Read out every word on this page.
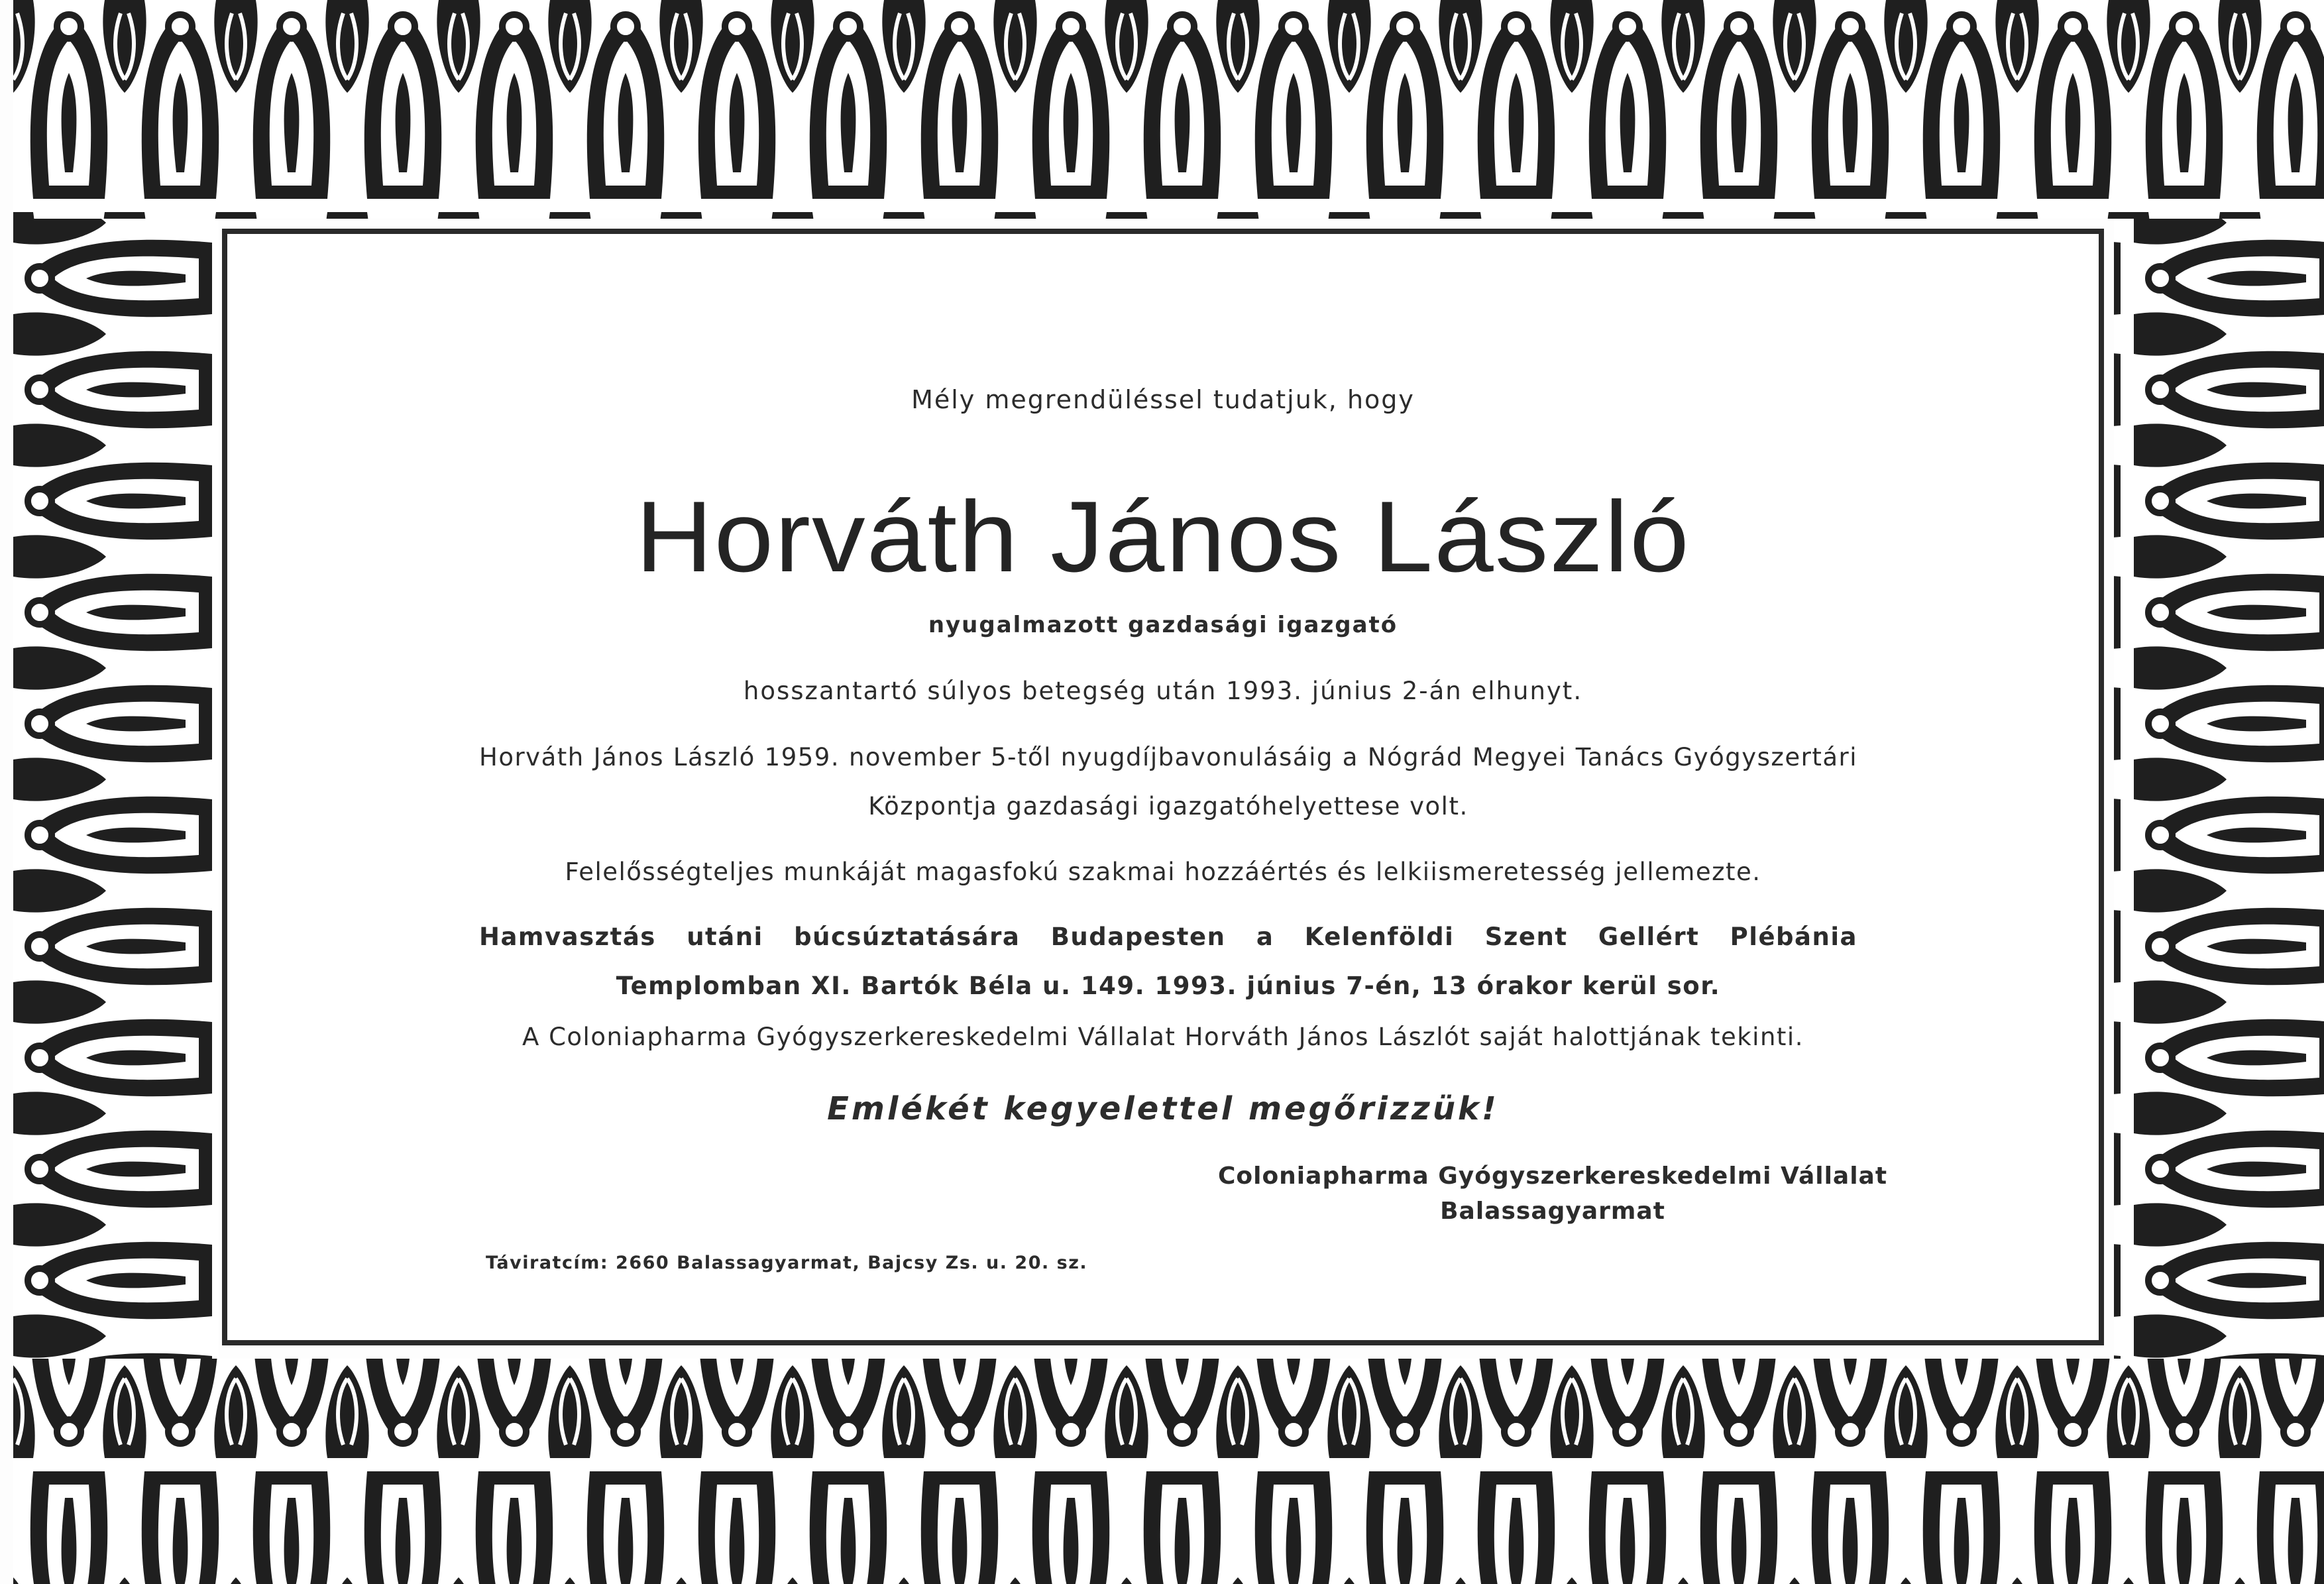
Mély megrendüléssel tudatjuk, hogy
Horváth János László
nyugalmazott gazdasági igazgató
hosszantartó súlyos betegség után 1993. június 2-án elhunyt.
Horváth János László 1959. november 5-től nyugdíjbavonulásáig a Nógrád Megyei Tanács Gyógyszertári Központja gazdasági igazgatóhelyettese volt.
Felelősségteljes munkáját magasfokú szakmai hozzáértés és lelkiismeretesség jellemezte.
Hamvasztás utáni búcsúztatására Budapesten a Kelenföldi Szent Gellért Plébánia Templomban XI. Bartók Béla u. 149. 1993. június 7-én, 13 órakor kerül sor.
A Coloniapharma Gyógyszerkereskedelmi Vállalat Horváth János Lászlót saját halottjának tekinti.
Emlékét kegyelettel megőrizzük!
Coloniapharma Gyógyszerkereskedelmi Vállalat
Balassagyarmat
Táviratcím: 2660 Balassagyarmat, Bajcsy Zs. u. 20. sz.
